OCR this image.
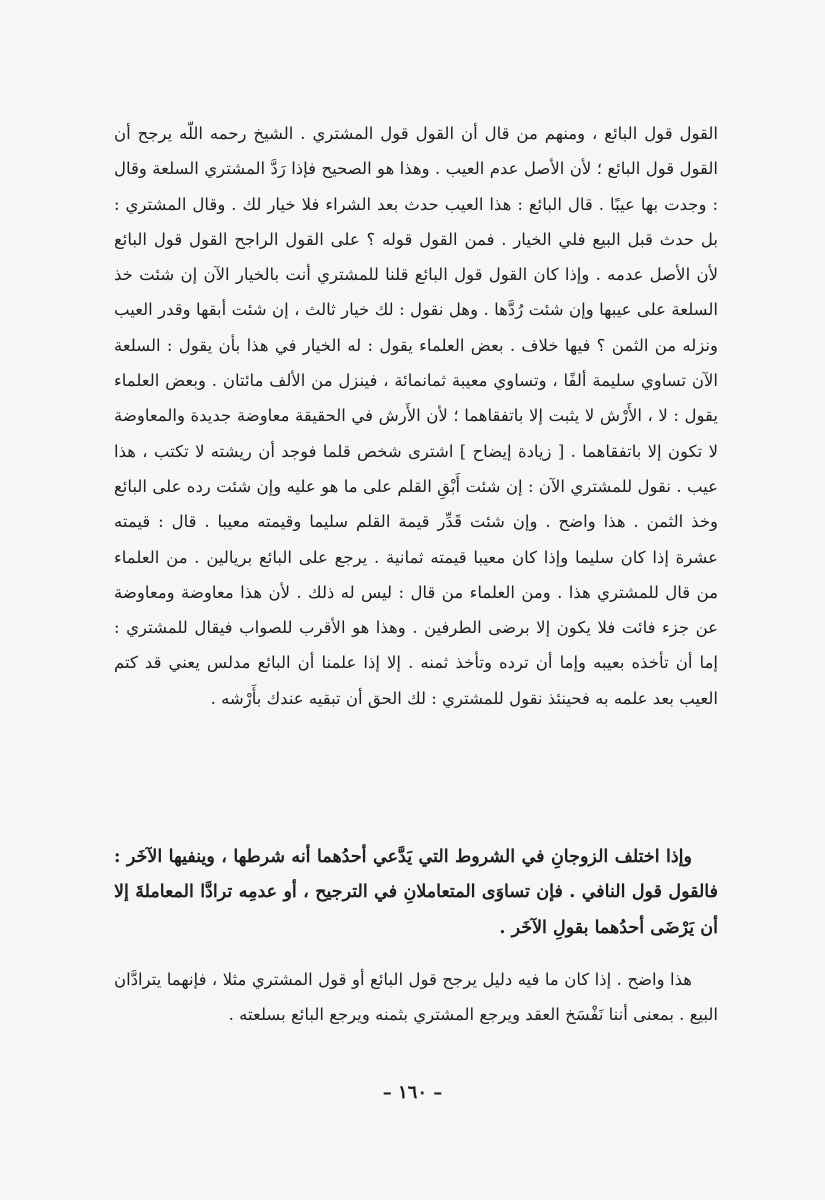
القول قول البائع ، ومنهم من قال أن القول قول المشتري . الشيخ رحمه اللّه يرجح أن القول قول البائع ؛ لأن الأصل عدم العيب . وهذا هو الصحيح فإذا رَدَّ المشتري السلعة وقال : وجدت بها عيبًا . قال البائع : هذا العيب حدث بعد الشراء فلا خيار لك . وقال المشتري : بل حدث قبل البيع فلي الخيار . فمن القول قوله ؟ على القول الراجح القول قول البائع لأن الأصل عدمه . وإذا كان القول قول البائع قلنا للمشتري أنت بالخيار الآن إن شئت خذ السلعة على عيبها وإن شئت رُدَّها . وهل نقول : لك خيار ثالث ، إن شئت أبقها وقدر العيب ونزله من الثمن ؟ فيها خلاف . بعض العلماء يقول : له الخيار في هذا بأن يقول : السلعة الآن تساوي سليمة ألفًا ، وتساوي معيبة ثمانمائة ، فينزل من الألف مائتان . وبعض العلماء يقول : لا ، الأَرْش لا يثبت إلا باتفقاهما ؛ لأن الأَرش في الحقيقة معاوضة جديدة والمعاوضة لا تكون إلا باتفقاهما . [ زيادة إيضاح ] اشترى شخص قلما فوجد أن ريشته لا تكتب ، هذا عيب . نقول للمشتري الآن : إن شئت أَبْقِ القلم على ما هو عليه وإن شئت رده على البائع وخذ الثمن . هذا واضح . وإن شئت قَدِّر قيمة القلم سليما وقيمته معيبا . قال : قيمته عشرة إذا كان سليما وإذا كان معيبا قيمته ثمانية . يرجع على البائع بريالين . من العلماء من قال للمشتري هذا . ومن العلماء من قال : ليس له ذلك . لأن هذا معاوضة ومعاوضة عن جزء فائت فلا يكون إلا برضى الطرفين . وهذا هو الأقرب للصواب فيقال للمشتري : إما أن تأخذه بعيبه وإما أن ترده وتأخذ ثمنه . إلا إذا علمنا أن البائع مدلس يعني قد كتم العيب بعد علمه به فحينئذ نقول للمشتري : لك الحق أن تبقيه عندك بأَرْشه .

وإذا اختلف الزوجانِ في الشروط التي يَدَّعي أحدُهما أنه شرطها ، وينفيها الآخَر : فالقول قول النافي . فإن تساوَى المتعاملانِ في الترجيح ، أو عدمِه ترادَّا المعاملةَ إلا أن يَرْضَى أحدُهما بقولِ الآخَر .

هذا واضح . إذا كان ما فيه دليل يرجح قول البائع أو قول المشتري مثلا ، فإنهما يترادَّان البيع . بمعنى أننا نَفْسَخ العقد ويرجع المشتري بثمنه ويرجع البائع بسلعته .

– ١٦٠ –
